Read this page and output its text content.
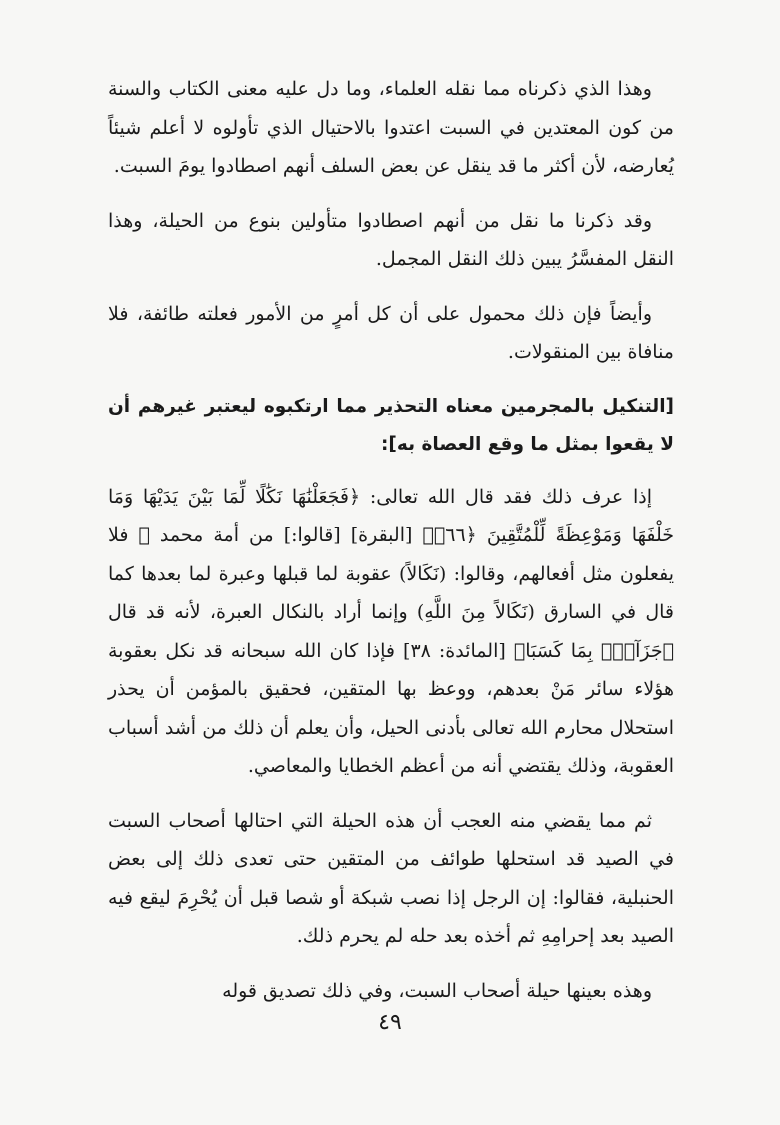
وهذا الذي ذكرناه مما نقله العلماء، وما دل عليه معنى الكتاب والسنة من كون المعتدين في السبت اعتدوا بالاحتيال الذي تأولوه لا أعلم شيئاً يُعارضه، لأن أكثر ما قد ينقل عن بعض السلف أنهم اصطادوا يومَ السبت.

وقد ذكرنا ما نقل من أنهم اصطادوا متأولين بنوع من الحيلة، وهذا النقل المفسَّرُ يبين ذلك النقل المجمل.

وأيضاً فإن ذلك محمول على أن كل أمرٍ من الأمور فعلته طائفة، فلا منافاة بين المنقولات.

[التنكيل بالمجرمين معناه التحذير مما ارتكبوه ليعتبر غيرهم أن لا يقعوا بمثل ما وقع العصاة به]:

إذا عرف ذلك فقد قال الله تعالى: ﴿فَجَعَلْنَٰهَا نَكَٰلًا لِّمَا بَيْنَ يَدَيْهَا وَمَا خَلْفَهَا وَمَوْعِظَةً لِّلْمُتَّقِينَ ﴿٦٦﴾﴾ [البقرة] [قالوا:] من أمة محمد ﷺ فلا يفعلون مثل أفعالهم، وقالوا: (نَكَالاً) عقوبة لما قبلها وعبرة لما بعدها كما قال في السارق (نَكَالاً مِنَ اللَّهِ) وإنما أراد بالنكال العبرة، لأنه قد قال ﴿جَزَآءَۢ بِمَا كَسَبَا﴾ [المائدة: ٣٨] فإذا كان الله سبحانه قد نكل بعقوبة هؤلاء سائر مَنْ بعدهم، ووعظ بها المتقين، فحقيق بالمؤمن أن يحذر استحلال محارم الله تعالى بأدنى الحيل، وأن يعلم أن ذلك من أشد أسباب العقوبة، وذلك يقتضي أنه من أعظم الخطايا والمعاصي.

ثم مما يقضي منه العجب أن هذه الحيلة التي احتالها أصحاب السبت في الصيد قد استحلها طوائف من المتقين حتى تعدى ذلك إلى بعض الحنبلية، فقالوا: إن الرجل إذا نصب شبكة أو شصا قبل أن يُحْرِمَ ليقع فيه الصيد بعد إحرامِهِ ثم أخذه بعد حله لم يحرم ذلك.

وهذه بعينها حيلة أصحاب السبت، وفي ذلك تصديق قوله

٤٩
